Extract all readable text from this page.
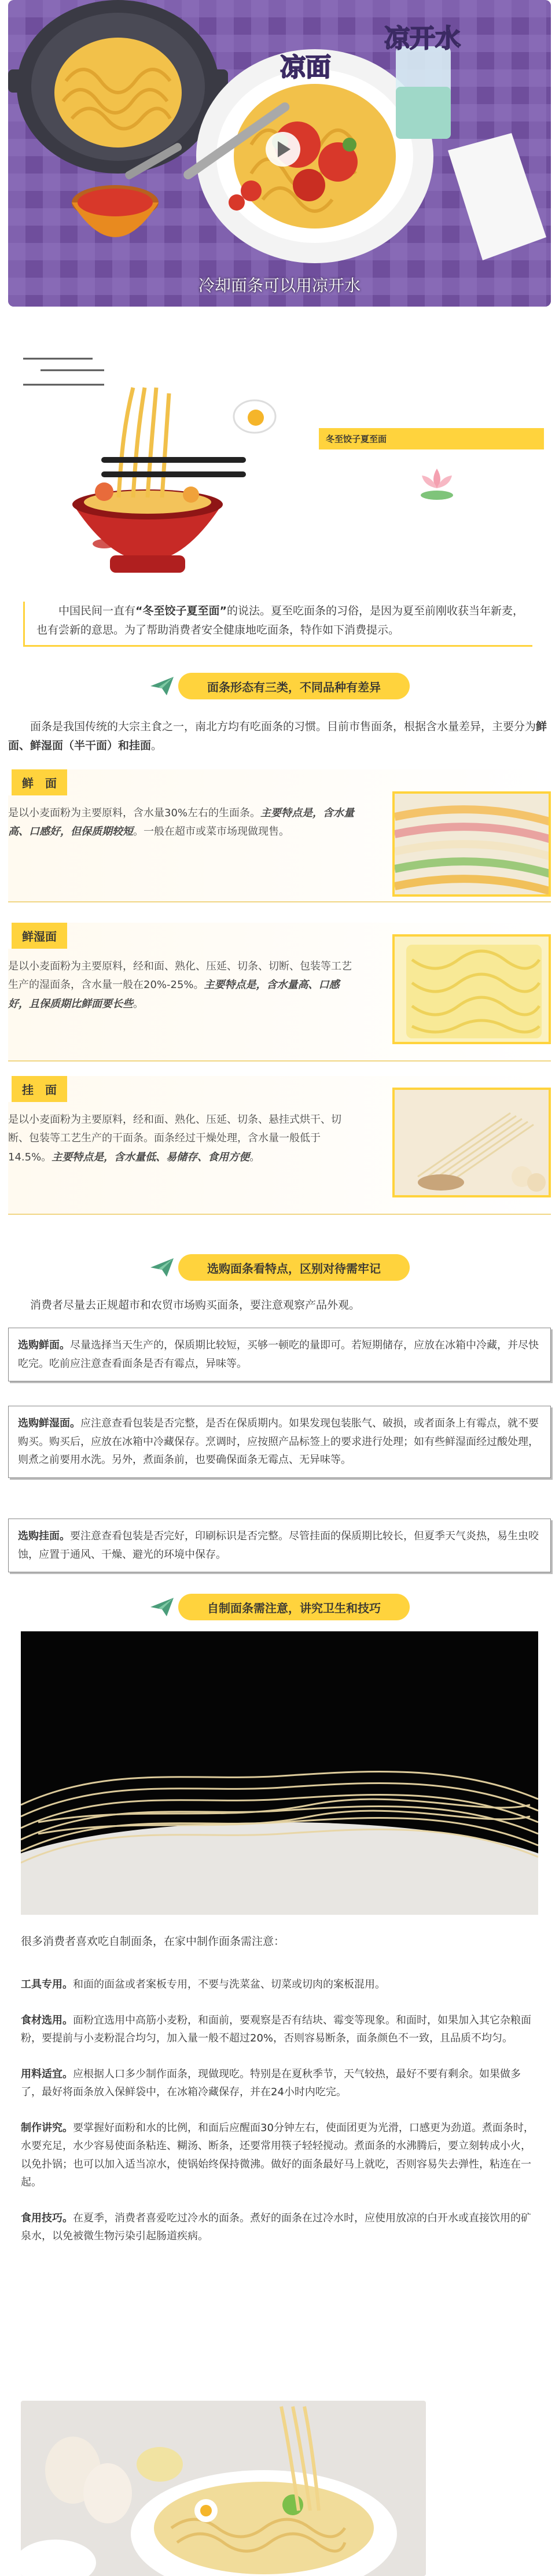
凉面
凉开水
冷却面条可以用凉开水
冬至饺子夏至面
中国民间一直有“冬至饺子夏至面”的说法。夏至吃面条的习俗，是因为夏至前刚收获当年新麦，也有尝新的意思。为了帮助消费者安全健康地吃面条，特作如下消费提示。
面条形态有三类，不同品种有差异
面条是我国传统的大宗主食之一，南北方均有吃面条的习惯。目前市售面条，根据含水量差异，主要分为鲜面、鲜湿面（半干面）和挂面。
鲜　面
是以小麦面粉为主要原料，含水量30%左右的生面条。主要特点是，含水量高、口感好，但保质期较短。一般在超市或菜市场现做现售。
鲜湿面
是以小麦面粉为主要原料，经和面、熟化、压延、切条、切断、包装等工艺生产的湿面条，含水量一般在20%-25%。主要特点是，含水量高、口感好，且保质期比鲜面要长些。
挂　面
是以小麦面粉为主要原料，经和面、熟化、压延、切条、悬挂式烘干、切断、包装等工艺生产的干面条。面条经过干燥处理，含水量一般低于14.5%。主要特点是，含水量低、易储存、食用方便。
选购面条看特点，区别对待需牢记
消费者尽量去正规超市和农贸市场购买面条，要注意观察产品外观。
选购鲜面。尽量选择当天生产的，保质期比较短，买够一顿吃的量即可。若短期储存，应放在冰箱中冷藏，并尽快吃完。吃前应注意查看面条是否有霉点，异味等。
选购鲜湿面。应注意查看包装是否完整，是否在保质期内。如果发现包装胀气、破损，或者面条上有霉点，就不要购买。购买后，应放在冰箱中冷藏保存。烹调时，应按照产品标签上的要求进行处理；如有些鲜湿面经过酸处理，则煮之前要用水洗。另外，煮面条前，也要确保面条无霉点、无异味等。
选购挂面。要注意查看包装是否完好，印刷标识是否完整。尽管挂面的保质期比较长，但夏季天气炎热，易生虫咬蚀，应置于通风、干燥、避光的环境中保存。
自制面条需注意，讲究卫生和技巧
很多消费者喜欢吃自制面条，在家中制作面条需注意：

工具专用。和面的面盆或者案板专用，不要与洗菜盆、切菜或切肉的案板混用。

食材选用。面粉宜选用中高筋小麦粉，和面前，要观察是否有结块、霉变等现象。和面时，如果加入其它杂粮面粉，要提前与小麦粉混合均匀，加入量一般不超过20%，否则容易断条，面条颜色不一致，且品质不均匀。

用料适宜。应根据人口多少制作面条，现做现吃。特别是在夏秋季节，天气较热，最好不要有剩余。如果做多了，最好将面条放入保鲜袋中，在冰箱冷藏保存，并在24小时内吃完。

制作讲究。要掌握好面粉和水的比例，和面后应醒面30分钟左右，使面团更为光滑，口感更为劲道。煮面条时，水要充足，水少容易使面条粘连、糊汤、断条，还要常用筷子轻轻搅动。煮面条的水沸腾后，要立刻转成小火，以免扑锅；也可以加入适当凉水，使锅始终保持微沸。做好的面条最好马上就吃，否则容易失去弹性，粘连在一起。

食用技巧。在夏季，消费者喜爱吃过冷水的面条。煮好的面条在过冷水时，应使用放凉的白开水或直接饮用的矿泉水，以免被微生物污染引起肠道疾病。
